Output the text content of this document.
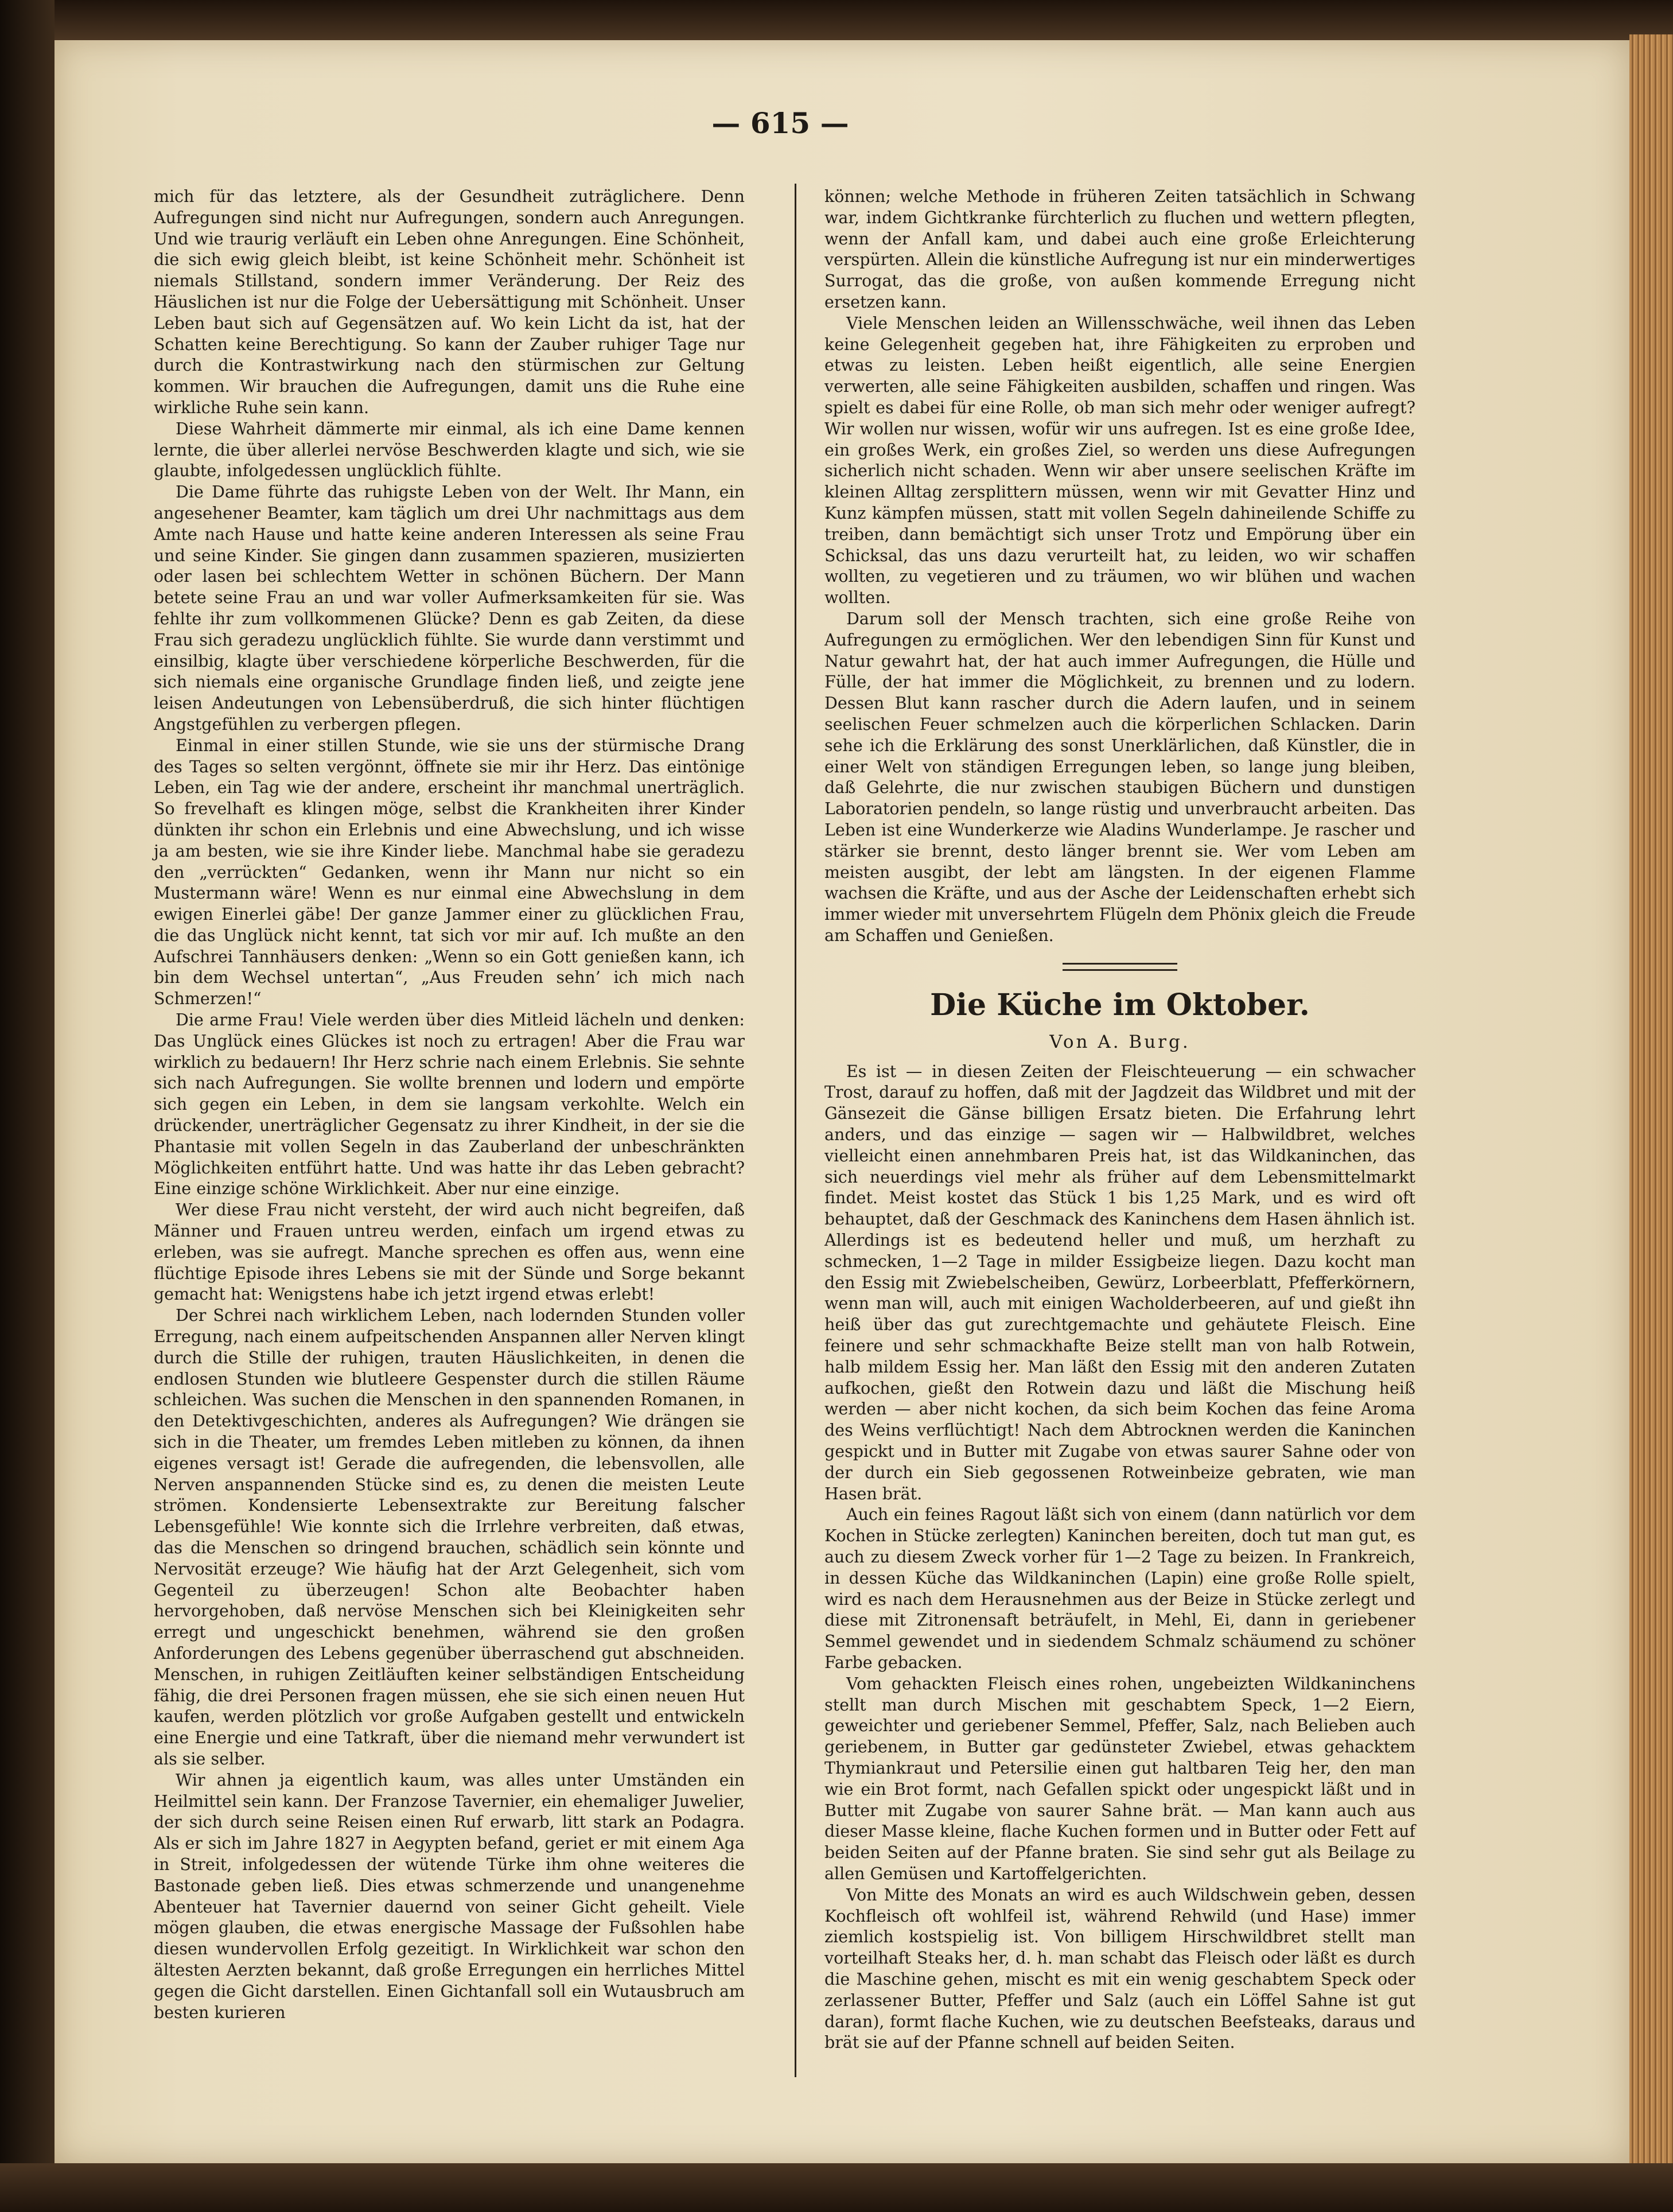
— 615 —

mich für das letztere, als der Gesundheit zuträglichere. Denn Aufregungen sind nicht nur Aufregungen, sondern auch Anregungen. Und wie traurig verläuft ein Leben ohne Anregungen. Eine Schönheit, die sich ewig gleich bleibt, ist keine Schönheit mehr. Schönheit ist niemals Stillstand, sondern immer Veränderung. Der Reiz des Häuslichen ist nur die Folge der Uebersättigung mit Schönheit. Unser Leben baut sich auf Gegensätzen auf. Wo kein Licht da ist, hat der Schatten keine Berechtigung. So kann der Zauber ruhiger Tage nur durch die Kontrastwirkung nach den stürmischen zur Geltung kommen. Wir brauchen die Aufregungen, damit uns die Ruhe eine wirkliche Ruhe sein kann.

Diese Wahrheit dämmerte mir einmal, als ich eine Dame kennen lernte, die über allerlei nervöse Beschwerden klagte und sich, wie sie glaubte, infolgedessen unglücklich fühlte.

Die Dame führte das ruhigste Leben von der Welt. Ihr Mann, ein angesehener Beamter, kam täglich um drei Uhr nachmittags aus dem Amte nach Hause und hatte keine anderen Interessen als seine Frau und seine Kinder. Sie gingen dann zusammen spazieren, musizierten oder lasen bei schlechtem Wetter in schönen Büchern. Der Mann betete seine Frau an und war voller Aufmerksamkeiten für sie. Was fehlte ihr zum vollkommenen Glücke? Denn es gab Zeiten, da diese Frau sich geradezu unglücklich fühlte. Sie wurde dann verstimmt und einsilbig, klagte über verschiedene körperliche Beschwerden, für die sich niemals eine organische Grundlage finden ließ, und zeigte jene leisen Andeutungen von Lebensüberdruß, die sich hinter flüchtigen Angstgefühlen zu verbergen pflegen.

Einmal in einer stillen Stunde, wie sie uns der stürmische Drang des Tages so selten vergönnt, öffnete sie mir ihr Herz. Das eintönige Leben, ein Tag wie der andere, erscheint ihr manchmal unerträglich. So frevelhaft es klingen möge, selbst die Krankheiten ihrer Kinder dünkten ihr schon ein Erlebnis und eine Abwechslung, und ich wisse ja am besten, wie sie ihre Kinder liebe. Manchmal habe sie geradezu den „verrückten“ Gedanken, wenn ihr Mann nur nicht so ein Mustermann wäre! Wenn es nur einmal eine Abwechslung in dem ewigen Einerlei gäbe! Der ganze Jammer einer zu glücklichen Frau, die das Unglück nicht kennt, tat sich vor mir auf. Ich mußte an den Aufschrei Tannhäusers denken: „Wenn so ein Gott genießen kann, ich bin dem Wechsel untertan“, „Aus Freuden sehn’ ich mich nach Schmerzen!“

Die arme Frau! Viele werden über dies Mitleid lächeln und denken: Das Unglück eines Glückes ist noch zu ertragen! Aber die Frau war wirklich zu bedauern! Ihr Herz schrie nach einem Erlebnis. Sie sehnte sich nach Aufregungen. Sie wollte brennen und lodern und empörte sich gegen ein Leben, in dem sie langsam verkohlte. Welch ein drückender, unerträglicher Gegensatz zu ihrer Kindheit, in der sie die Phantasie mit vollen Segeln in das Zauberland der unbeschränkten Möglichkeiten entführt hatte. Und was hatte ihr das Leben gebracht? Eine einzige schöne Wirklichkeit. Aber nur eine einzige.

Wer diese Frau nicht versteht, der wird auch nicht begreifen, daß Männer und Frauen untreu werden, einfach um irgend etwas zu erleben, was sie aufregt. Manche sprechen es offen aus, wenn eine flüchtige Episode ihres Lebens sie mit der Sünde und Sorge bekannt gemacht hat: Wenigstens habe ich jetzt irgend etwas erlebt!

Der Schrei nach wirklichem Leben, nach lodernden Stunden voller Erregung, nach einem aufpeitschenden Anspannen aller Nerven klingt durch die Stille der ruhigen, trauten Häuslichkeiten, in denen die endlosen Stunden wie blutleere Gespenster durch die stillen Räume schleichen. Was suchen die Menschen in den spannenden Romanen, in den Detektivgeschichten, anderes als Aufregungen? Wie drängen sie sich in die Theater, um fremdes Leben mitleben zu können, da ihnen eigenes versagt ist! Gerade die aufregenden, die lebensvollen, alle Nerven anspannenden Stücke sind es, zu denen die meisten Leute strömen. Kondensierte Lebensextrakte zur Bereitung falscher Lebensgefühle! Wie konnte sich die Irrlehre verbreiten, daß etwas, das die Menschen so dringend brauchen, schädlich sein könnte und Nervosität erzeuge? Wie häufig hat der Arzt Gelegenheit, sich vom Gegenteil zu überzeugen! Schon alte Beobachter haben hervorgehoben, daß nervöse Menschen sich bei Kleinigkeiten sehr erregt und ungeschickt benehmen, während sie den großen Anforderungen des Lebens gegenüber überraschend gut abschneiden. Menschen, in ruhigen Zeitläuften keiner selbständigen Entscheidung fähig, die drei Personen fragen müssen, ehe sie sich einen neuen Hut kaufen, werden plötzlich vor große Aufgaben gestellt und entwickeln eine Energie und eine Tatkraft, über die niemand mehr verwundert ist als sie selber.

Wir ahnen ja eigentlich kaum, was alles unter Umständen ein Heilmittel sein kann. Der Franzose Tavernier, ein ehemaliger Juwelier, der sich durch seine Reisen einen Ruf erwarb, litt stark an Podagra. Als er sich im Jahre 1827 in Aegypten befand, geriet er mit einem Aga in Streit, infolgedessen der wütende Türke ihm ohne weiteres die Bastonade geben ließ. Dies etwas schmerzende und unangenehme Abenteuer hat Tavernier dauernd von seiner Gicht geheilt. Viele mögen glauben, die etwas energische Massage der Fußsohlen habe diesen wundervollen Erfolg gezeitigt. In Wirklichkeit war schon den ältesten Aerzten bekannt, daß große Erregungen ein herrliches Mittel gegen die Gicht darstellen. Einen Gichtanfall soll ein Wutausbruch am besten kurieren

können; welche Methode in früheren Zeiten tatsächlich in Schwang war, indem Gichtkranke fürchterlich zu fluchen und wettern pflegten, wenn der Anfall kam, und dabei auch eine große Erleichterung verspürten. Allein die künstliche Aufregung ist nur ein minderwertiges Surrogat, das die große, von außen kommende Erregung nicht ersetzen kann.

Viele Menschen leiden an Willensschwäche, weil ihnen das Leben keine Gelegenheit gegeben hat, ihre Fähigkeiten zu erproben und etwas zu leisten. Leben heißt eigentlich, alle seine Energien verwerten, alle seine Fähigkeiten ausbilden, schaffen und ringen. Was spielt es dabei für eine Rolle, ob man sich mehr oder weniger aufregt? Wir wollen nur wissen, wofür wir uns aufregen. Ist es eine große Idee, ein großes Werk, ein großes Ziel, so werden uns diese Aufregungen sicherlich nicht schaden. Wenn wir aber unsere seelischen Kräfte im kleinen Alltag zersplittern müssen, wenn wir mit Gevatter Hinz und Kunz kämpfen müssen, statt mit vollen Segeln dahineilende Schiffe zu treiben, dann bemächtigt sich unser Trotz und Empörung über ein Schicksal, das uns dazu verurteilt hat, zu leiden, wo wir schaffen wollten, zu vegetieren und zu träumen, wo wir blühen und wachen wollten.

Darum soll der Mensch trachten, sich eine große Reihe von Aufregungen zu ermöglichen. Wer den lebendigen Sinn für Kunst und Natur gewahrt hat, der hat auch immer Aufregungen, die Hülle und Fülle, der hat immer die Möglichkeit, zu brennen und zu lodern. Dessen Blut kann rascher durch die Adern laufen, und in seinem seelischen Feuer schmelzen auch die körperlichen Schlacken. Darin sehe ich die Erklärung des sonst Unerklärlichen, daß Künstler, die in einer Welt von ständigen Erregungen leben, so lange jung bleiben, daß Gelehrte, die nur zwischen staubigen Büchern und dunstigen Laboratorien pendeln, so lange rüstig und unverbraucht arbeiten. Das Leben ist eine Wunderkerze wie Aladins Wunderlampe. Je rascher und stärker sie brennt, desto länger brennt sie. Wer vom Leben am meisten ausgibt, der lebt am längsten. In der eigenen Flamme wachsen die Kräfte, und aus der Asche der Leidenschaften erhebt sich immer wieder mit unversehrtem Flügeln dem Phönix gleich die Freude am Schaffen und Genießen.

Die Küche im Oktober.

Von A. Burg.

Es ist — in diesen Zeiten der Fleischteuerung — ein schwacher Trost, darauf zu hoffen, daß mit der Jagdzeit das Wildbret und mit der Gänsezeit die Gänse billigen Ersatz bieten. Die Erfahrung lehrt anders, und das einzige — sagen wir — Halbwildbret, welches vielleicht einen annehmbaren Preis hat, ist das Wildkaninchen, das sich neuerdings viel mehr als früher auf dem Lebensmittelmarkt findet. Meist kostet das Stück 1 bis 1,25 Mark, und es wird oft behauptet, daß der Geschmack des Kaninchens dem Hasen ähnlich ist. Allerdings ist es bedeutend heller und muß, um herzhaft zu schmecken, 1—2 Tage in milder Essigbeize liegen. Dazu kocht man den Essig mit Zwiebelscheiben, Gewürz, Lorbeerblatt, Pfefferkörnern, wenn man will, auch mit einigen Wacholderbeeren, auf und gießt ihn heiß über das gut zurechtgemachte und gehäutete Fleisch. Eine feinere und sehr schmackhafte Beize stellt man von halb Rotwein, halb mildem Essig her. Man läßt den Essig mit den anderen Zutaten aufkochen, gießt den Rotwein dazu und läßt die Mischung heiß werden — aber nicht kochen, da sich beim Kochen das feine Aroma des Weins verflüchtigt! Nach dem Abtrocknen werden die Kaninchen gespickt und in Butter mit Zugabe von etwas saurer Sahne oder von der durch ein Sieb gegossenen Rotweinbeize gebraten, wie man Hasen brät.

Auch ein feines Ragout läßt sich von einem (dann natürlich vor dem Kochen in Stücke zerlegten) Kaninchen bereiten, doch tut man gut, es auch zu diesem Zweck vorher für 1—2 Tage zu beizen. In Frankreich, in dessen Küche das Wildkaninchen (Lapin) eine große Rolle spielt, wird es nach dem Herausnehmen aus der Beize in Stücke zerlegt und diese mit Zitronensaft beträufelt, in Mehl, Ei, dann in geriebener Semmel gewendet und in siedendem Schmalz schäumend zu schöner Farbe gebacken.

Vom gehackten Fleisch eines rohen, ungebeizten Wildkaninchens stellt man durch Mischen mit geschabtem Speck, 1—2 Eiern, geweichter und geriebener Semmel, Pfeffer, Salz, nach Belieben auch geriebenem, in Butter gar gedünsteter Zwiebel, etwas gehacktem Thymiankraut und Petersilie einen gut haltbaren Teig her, den man wie ein Brot formt, nach Gefallen spickt oder ungespickt läßt und in Butter mit Zugabe von saurer Sahne brät. — Man kann auch aus dieser Masse kleine, flache Kuchen formen und in Butter oder Fett auf beiden Seiten auf der Pfanne braten. Sie sind sehr gut als Beilage zu allen Gemüsen und Kartoffelgerichten.

Von Mitte des Monats an wird es auch Wildschwein geben, dessen Kochfleisch oft wohlfeil ist, während Rehwild (und Hase) immer ziemlich kostspielig ist. Von billigem Hirschwildbret stellt man vorteilhaft Steaks her, d. h. man schabt das Fleisch oder läßt es durch die Maschine gehen, mischt es mit ein wenig geschabtem Speck oder zerlassener Butter, Pfeffer und Salz (auch ein Löffel Sahne ist gut daran), formt flache Kuchen, wie zu deutschen Beefsteaks, daraus und brät sie auf der Pfanne schnell auf beiden Seiten.
